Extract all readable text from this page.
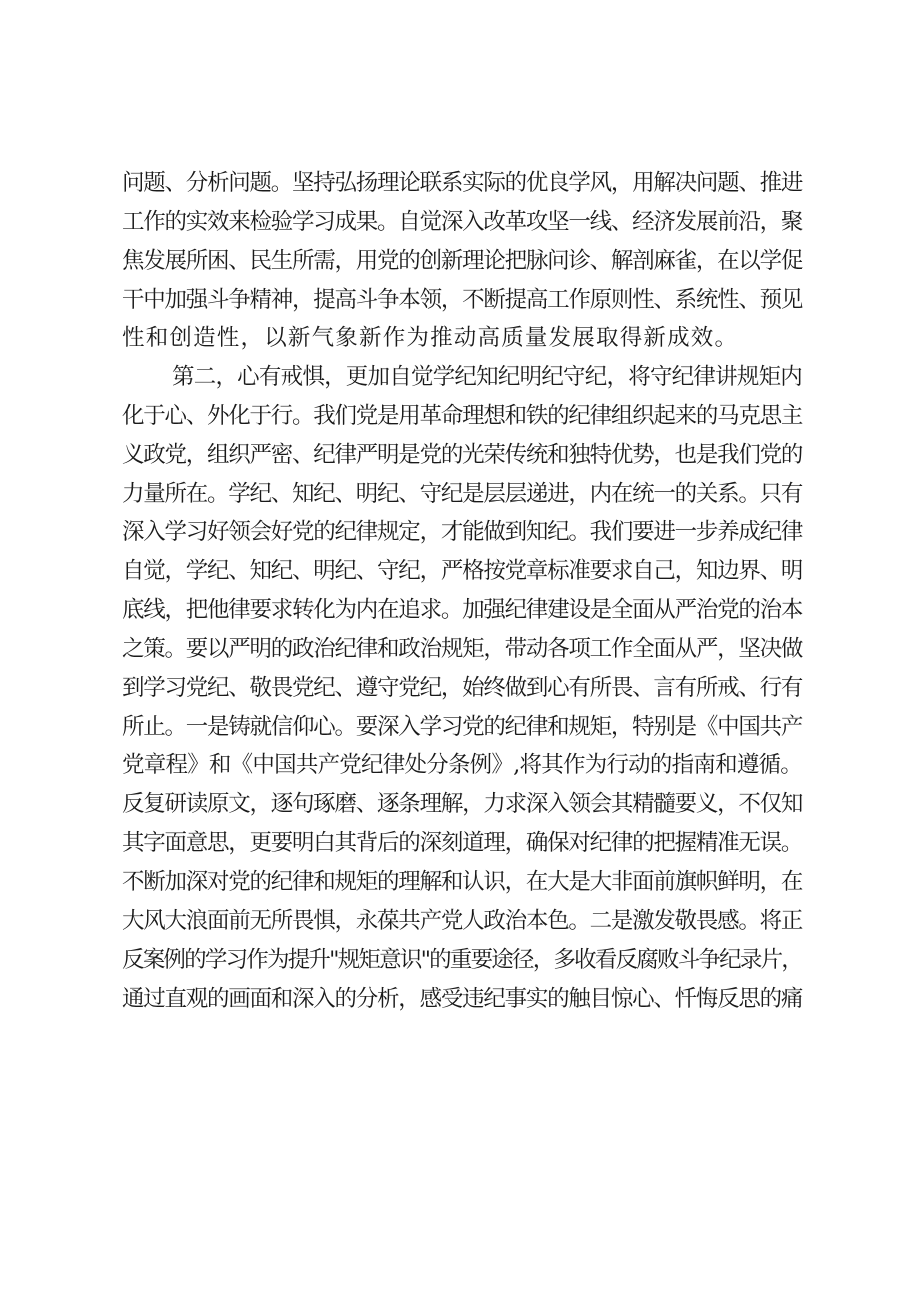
问题、分析问题。坚持弘扬理论联系实际的优良学风，用解决问题、推进
工作的实效来检验学习成果。自觉深入改革攻坚一线、经济发展前沿，聚
焦发展所困、民生所需，用党的创新理论把脉问诊、解剖麻雀，在以学促
干中加强斗争精神，提高斗争本领，不断提高工作原则性、系统性、预见
性和创造性，以新气象新作为推动高质量发展取得新成效。
第二，心有戒惧，更加自觉学纪知纪明纪守纪，将守纪律讲规矩内
化于心、外化于行。我们党是用革命理想和铁的纪律组织起来的马克思主
义政党，组织严密、纪律严明是党的光荣传统和独特优势，也是我们党的
力量所在。学纪、知纪、明纪、守纪是层层递进，内在统一的关系。只有
深入学习好领会好党的纪律规定，才能做到知纪。我们要进一步养成纪律
自觉，学纪、知纪、明纪、守纪，严格按党章标准要求自己，知边界、明
底线，把他律要求转化为内在追求。加强纪律建设是全面从严治党的治本
之策。要以严明的政治纪律和政治规矩，带动各项工作全面从严，坚决做
到学习党纪、敬畏党纪、遵守党纪，始终做到心有所畏、言有所戒、行有
所止。一是铸就信仰心。要深入学习党的纪律和规矩，特别是《中国共产
党章程》和《中国共产党纪律处分条例》,将其作为行动的指南和遵循。
反复研读原文，逐句琢磨、逐条理解，力求深入领会其精髓要义，不仅知
其字面意思，更要明白其背后的深刻道理，确保对纪律的把握精准无误。
不断加深对党的纪律和规矩的理解和认识，在大是大非面前旗帜鲜明，在
大风大浪面前无所畏惧，永葆共产党人政治本色。二是激发敬畏感。将正
反案例的学习作为提升"规矩意识"的重要途径，多收看反腐败斗争纪录片，
通过直观的画面和深入的分析，感受违纪事实的触目惊心、忏悔反思的痛
